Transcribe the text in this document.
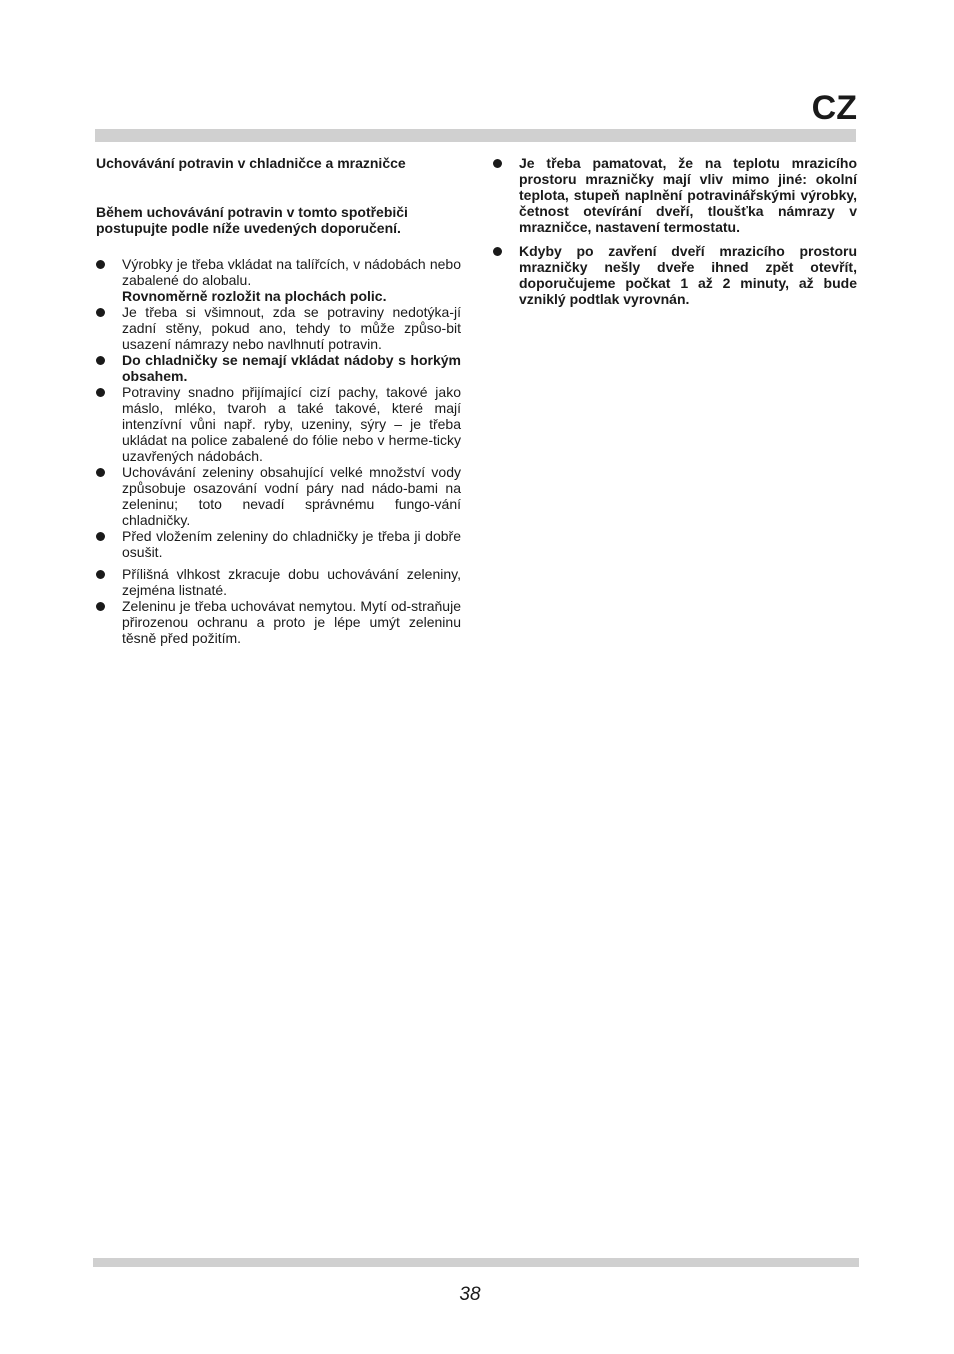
CZ

Uchovávání potravin v chladničce a mrazničce

Během uchovávání potravin v tomto spotřebiči postupujte podle níže uvedených doporučení.

Výrobky je třeba vkládat na talířcích, v nádobách nebo zabalené do alobalu.
Rovnoměrně rozložit na plochách polic.
Je třeba si všimnout, zda se potraviny nedotýka-jí zadní stěny, pokud ano, tehdy to může způso-bit usazení námrazy nebo navlhnutí potravin.
Do chladničky se nemají vkládat nádoby s horkým obsahem.
Potraviny snadno přijímající cizí pachy, takové jako máslo, mléko, tvaroh a také takové, které mají intenzívní vůni např. ryby, uzeniny, sýry – je třeba ukládat na police zabalené do fólie nebo v herme-ticky uzavřených nádobách.
Uchovávání zeleniny obsahující velké množství vody způsobuje osazování vodní páry nad nádo-bami na zeleninu; toto nevadí správnému fungo-vání chladničky.
Před vložením zeleniny do chladničky je třeba ji dobře osušit.
Přílišná vlhkost zkracuje dobu uchovávání zeleniny, zejména listnaté.
Zeleninu je třeba uchovávat nemytou. Mytí od-straňuje přirozenou ochranu a proto je lépe umýt zeleninu těsně před požitím.
Je třeba pamatovat, že na teplotu mrazicího prostoru mrazničky mají vliv mimo jiné: okolní teplota, stupeň naplnění potravinářskými výrobky, četnost otevírání dveří, tloušťka námrazy v mrazničce, nastavení termostatu.
Kdyby po zavření dveří mrazicího prostoru mrazničky nešly dveře ihned zpět otevřít, doporučujeme počkat 1 až 2 minuty, až bude vzniklý podtlak vyrovnán.
38
